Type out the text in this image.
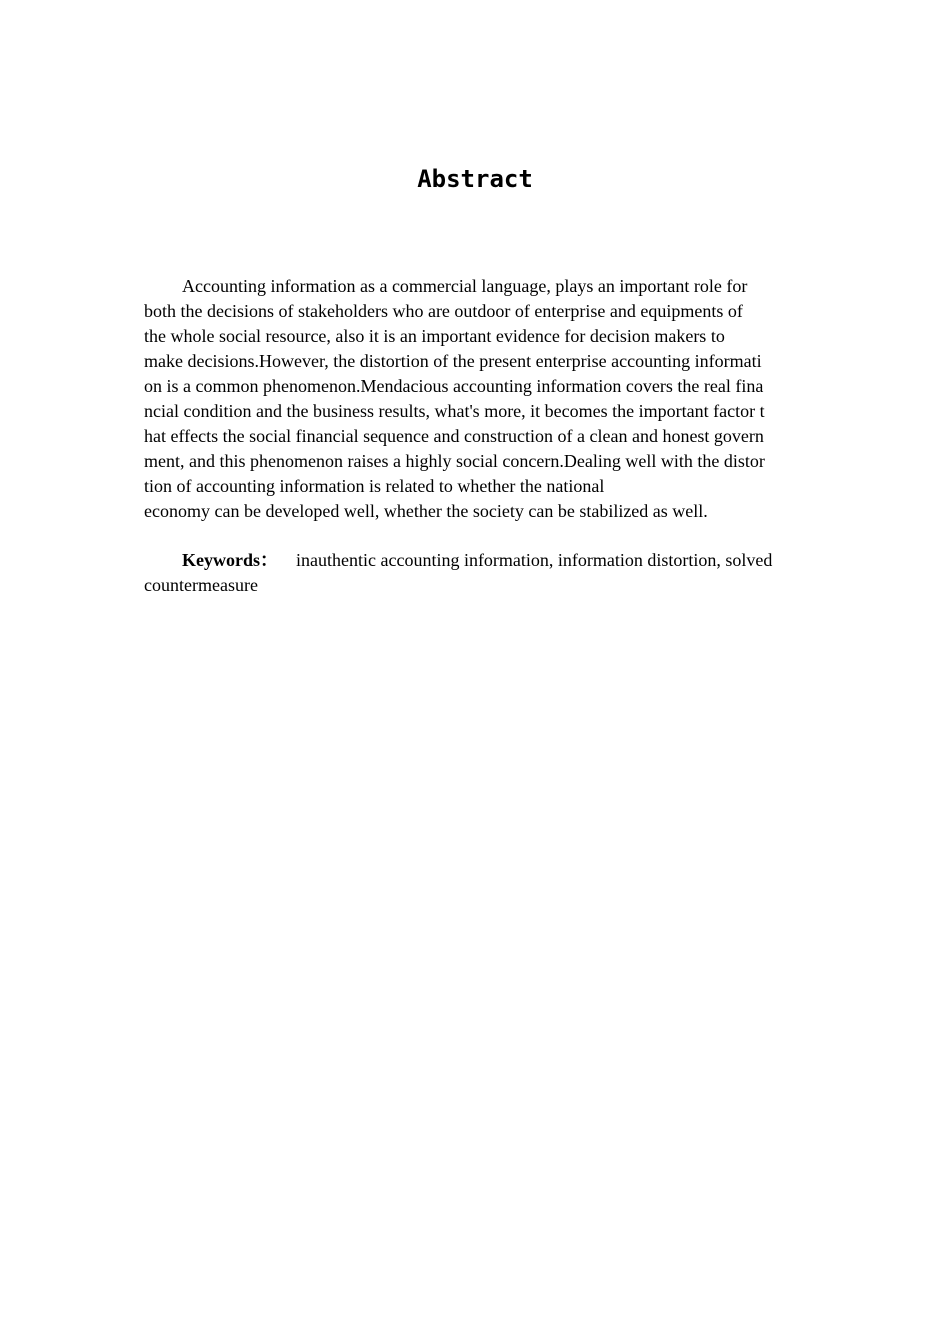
Abstract
Accounting information as a commercial language, plays an important role for
both the decisions of stakeholders who are outdoor of enterprise and equipments of
the whole social resource, also it is an important evidence for decision makers to
make decisions.However, the distortion of the present enterprise accounting informati
on is a common phenomenon.Mendacious accounting information covers the real fina
ncial condition and the business results, what's more, it becomes the important factor t
hat effects the social financial sequence and construction of a clean and honest govern
ment, and this phenomenon raises a highly social concern.Dealing well with the distor
tion of accounting information is related to whether the national
economy can be developed well, whether the society can be stabilized as well.
Keywords： inauthentic accounting information, information distortion, solved
countermeasure
